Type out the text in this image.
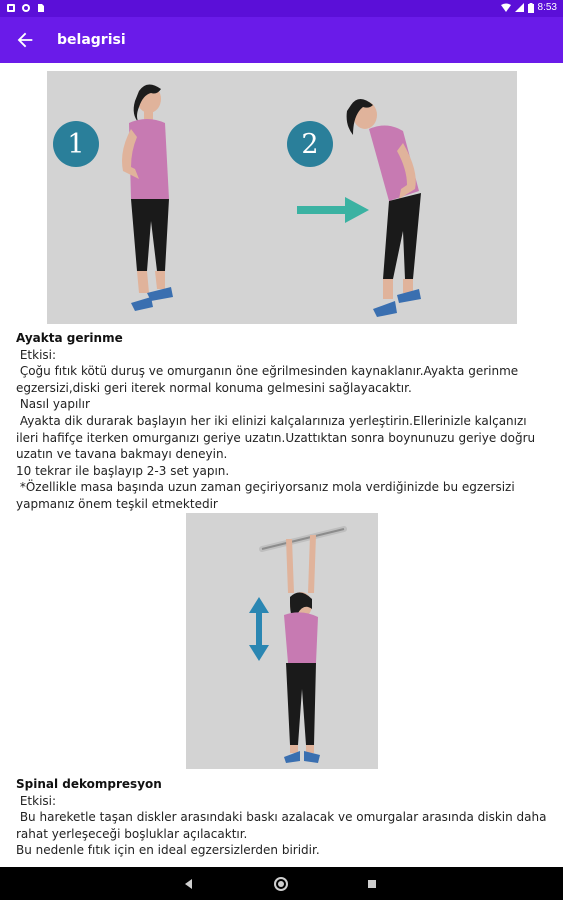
8:53
belagrisi
1	2
Ayakta gerinme
Etkisi:
Çoğu fıtık kötü duruş ve omurganın öne eğrilmesinden kaynaklanır.Ayakta gerinme egzersizi,diski geri iterek normal konuma gelmesini sağlayacaktır.
Nasıl yapılır
Ayakta dik durarak başlayın her iki elinizi kalçalarınıza yerleştirin.Ellerinizle kalçanızı ileri hafifçe iterken omurganızı geriye uzatın.Uzattıktan sonra boynunuzu geriye doğru uzatın ve tavana bakmayı deneyin.
10 tekrar ile başlayıp 2-3 set yapın.
*Özellikle masa başında uzun zaman geçiriyorsanız mola verdiğinizde bu egzersizi yapmanız önem teşkil etmektedir
Spinal dekompresyon
Etkisi:
Bu hareketle taşan diskler arasındaki baskı azalacak ve omurgalar arasında diskin daha rahat yerleşeceği boşluklar açılacaktır.
Bu nedenle fıtık için en ideal egzersizlerden biridir.
